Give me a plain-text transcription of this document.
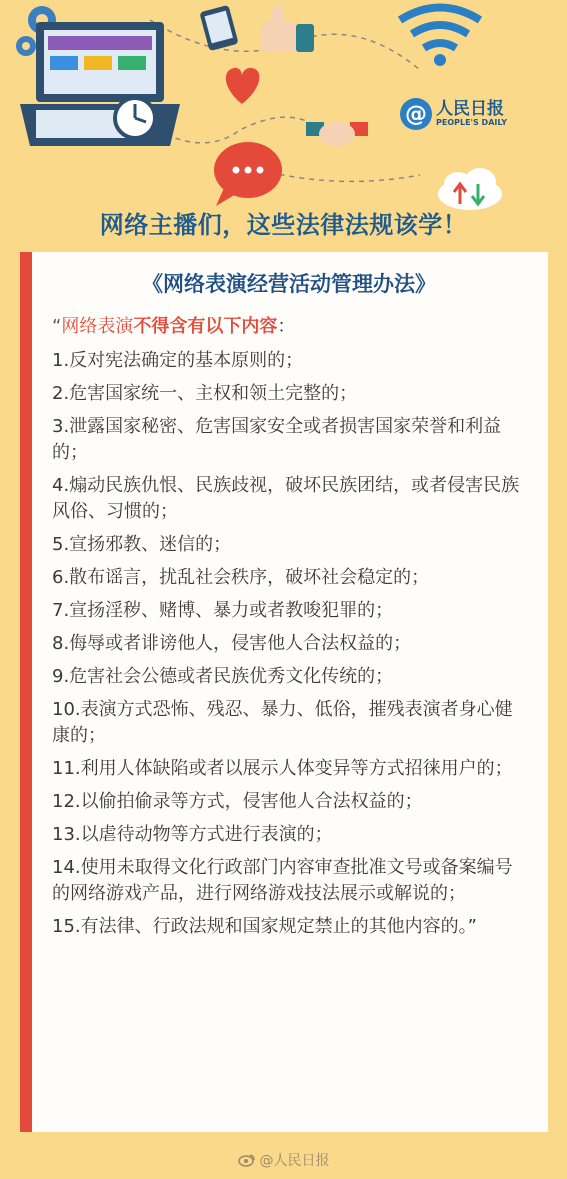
@ 人民日报
PEOPLE'S DAILY
网络主播们，这些法律法规该学！
《网络表演经营活动管理办法》
“网络表演不得含有以下内容：
1.反对宪法确定的基本原则的；
2.危害国家统一、主权和领土完整的；
3.泄露国家秘密、危害国家安全或者损害国家荣誉和利益的；
4.煽动民族仇恨、民族歧视，破坏民族团结，或者侵害民族风俗、习惯的；
5.宣扬邪教、迷信的；
6.散布谣言，扰乱社会秩序，破坏社会稳定的；
7.宣扬淫秽、赌博、暴力或者教唆犯罪的；
8.侮辱或者诽谤他人，侵害他人合法权益的；
9.危害社会公德或者民族优秀文化传统的；
10.表演方式恐怖、残忍、暴力、低俗，摧残表演者身心健康的；
11.利用人体缺陷或者以展示人体变异等方式招徕用户的；
12.以偷拍偷录等方式，侵害他人合法权益的；
13.以虐待动物等方式进行表演的；
14.使用未取得文化行政部门内容审查批准文号或备案编号的网络游戏产品，进行网络游戏技法展示或解说的；
15.有法律、行政法规和国家规定禁止的其他内容的。”
@人民日报
